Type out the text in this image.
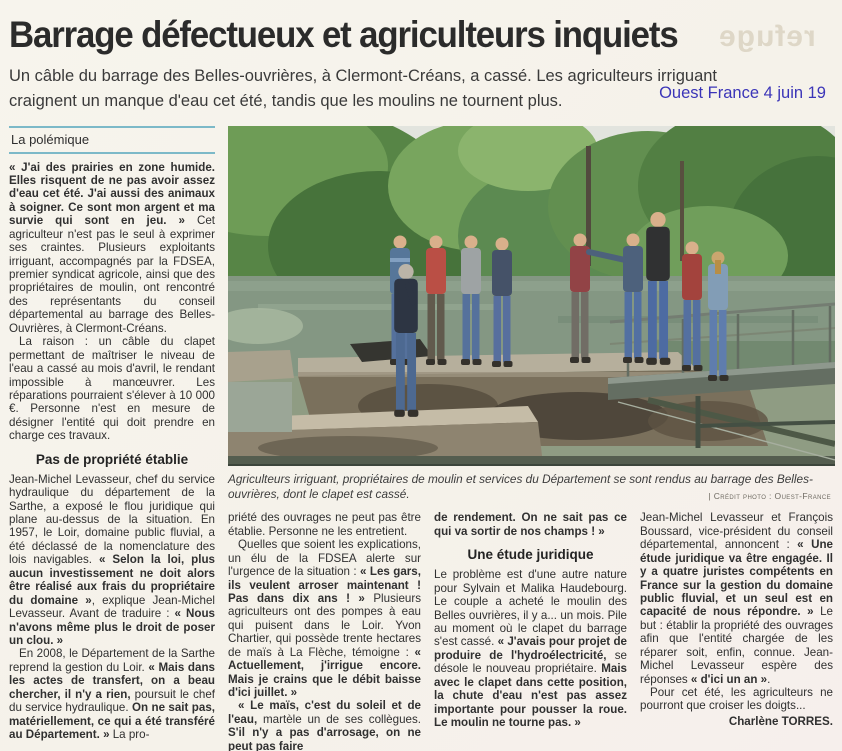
refuge
Barrage défectueux et agriculteurs inquiets

Un câble du barrage des Belles-ouvrières, à Clermont-Créans, a cassé. Les agriculteurs irriguant craignent un manque d'eau cet été, tandis que les moulins ne tournent plus.	Ouest France 4 juin 19
La polémique

« J'ai des prairies en zone humide. Elles risquent de ne pas avoir assez d'eau cet été. J'ai aussi des animaux à soigner. Ce sont mon argent et ma survie qui sont en jeu. » Cet agriculteur n'est pas le seul à exprimer ses craintes. Plusieurs exploitants irriguant, accompagnés par la FDSEA, premier syndicat agricole, ainsi que des propriétaires de moulin, ont rencontré des représentants du conseil départemental au barrage des Belles-Ouvrières, à Clermont-Créans.

La raison : un câble du clapet permettant de maîtriser le niveau de l'eau a cassé au mois d'avril, le rendant impossible à manœuvrer. Les réparations pourraient s'élever à 10 000 €. Personne n'est en mesure de désigner l'entité qui doit prendre en charge ces travaux.

Pas de propriété établie

Jean-Michel Levasseur, chef du service hydraulique du département de la Sarthe, a exposé le flou juridique qui plane au-dessus de la situation. En 1957, le Loir, domaine public fluvial, a été déclassé de la nomenclature des lois navigables. « Selon la loi, plus aucun investissement ne doit alors être réalisé aux frais du propriétaire du domaine », explique Jean-Michel Levasseur. Avant de traduire : « Nous n'avons même plus le droit de poser un clou. »

En 2008, le Département de la Sarthe reprend la gestion du Loir. « Mais dans les actes de transfert, on a beau chercher, il n'y a rien, poursuit le chef du service hydraulique. On ne sait pas, matériellement, ce qui a été transféré au Département. » La pro-

Agriculteurs irriguant, propriétaires de moulin et services du Département se sont rendus au barrage des Belles-ouvrières, dont le clapet est cassé.	| Crédit photo : Ouest-France

priété des ouvrages ne peut pas être établie. Personne ne les entretient.

Quelles que soient les explications, un élu de la FDSEA alerte sur l'urgence de la situation : « Les gars, ils veulent arroser maintenant ! Pas dans dix ans ! » Plusieurs agriculteurs ont des pompes à eau qui puisent dans le Loir. Yvon Chartier, qui possède trente hectares de maïs à La Flèche, témoigne : « Actuellement, j'irrigue encore. Mais je crains que le débit baisse d'ici juillet. »

« Le maïs, c'est du soleil et de l'eau, martèle un de ses collègues. S'il n'y a pas d'arrosage, on ne peut pas faire

de rendement. On ne sait pas ce qui va sortir de nos champs ! »

Une étude juridique

Le problème est d'une autre nature pour Sylvain et Malika Haudebourg. Le couple a acheté le moulin des Belles ouvrières, il y a... un mois. Pile au moment où le clapet du barrage s'est cassé. « J'avais pour projet de produire de l'hydroélectricité, se désole le nouveau propriétaire. Mais avec le clapet dans cette position, la chute d'eau n'est pas assez importante pour pousser la roue. Le moulin ne tourne pas. »

Jean-Michel Levasseur et François Boussard, vice-président du conseil départemental, annoncent : « Une étude juridique va être engagée. Il y a quatre juristes compétents en France sur la gestion du domaine public fluvial, et un seul est en capacité de nous répondre. » Le but : établir la propriété des ouvrages afin que l'entité chargée de les réparer soit, enfin, connue. Jean-Michel Levasseur espère des réponses « d'ici un an ».

Pour cet été, les agriculteurs ne pourront que croiser les doigts...

Charlène TORRES.
